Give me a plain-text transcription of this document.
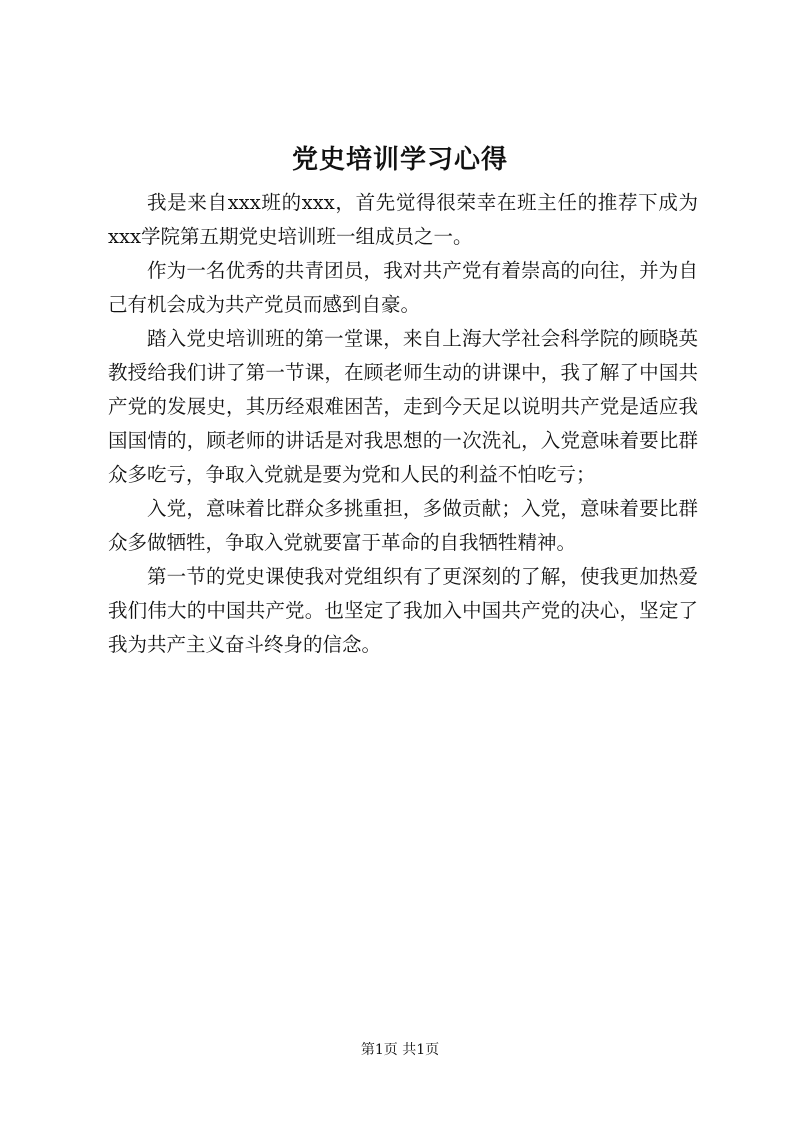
党史培训学习心得

我是来自xxx班的xxx，首先觉得很荣幸在班主任的推荐下成为xxx学院第五期党史培训班一组成员之一。

作为一名优秀的共青团员，我对共产党有着崇高的向往，并为自己有机会成为共产党员而感到自豪。

踏入党史培训班的第一堂课，来自上海大学社会科学院的顾晓英教授给我们讲了第一节课，在顾老师生动的讲课中，我了解了中国共产党的发展史，其历经艰难困苦，走到今天足以说明共产党是适应我国国情的，顾老师的讲话是对我思想的一次洗礼，入党意味着要比群众多吃亏，争取入党就是要为党和人民的利益不怕吃亏；

入党，意味着比群众多挑重担，多做贡献；入党，意味着要比群众多做牺牲，争取入党就要富于革命的自我牺牲精神。

第一节的党史课使我对党组织有了更深刻的了解，使我更加热爱我们伟大的中国共产党。也坚定了我加入中国共产党的决心，坚定了我为共产主义奋斗终身的信念。

第1页 共1页
